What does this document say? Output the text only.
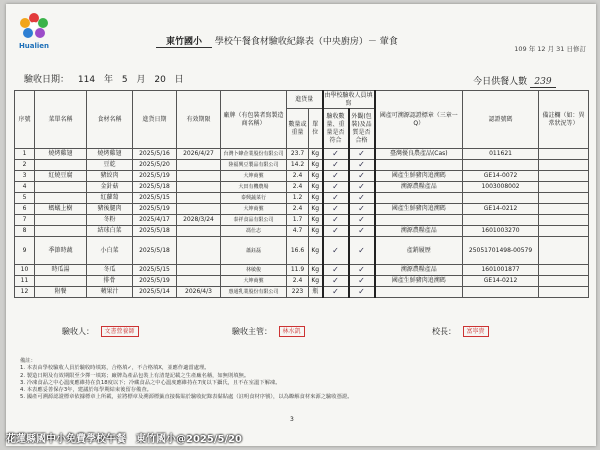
Hualien	109 年 12 月 31 日修訂
東竹國小 學校午餐食材驗收紀錄表（中央廚房）－ 葷食
驗收日期： 114 年 5 月 20 日	今日供餐人數 239
序號	菜單名稱	食材名稱	進貨日期	有效期限	廠牌（有包裝者寫製造商名稱）	進貨量		由學校驗收人員填寫		國產可溯源認證標章（三章一Q）	認證號碼	備註欄（如：異常狀況等）
						數量或重量	單位	驗收數量、重量是否符合	外觀(包裝)及品質是否合格			
1	燒烤雞翅	燒烤雞翅	2025/5/16	2026/4/27	台灣卜蜂企業股份有限公司	23.7	Kg	✓	✓	臺灣優良農產品(Cas)	011621	
2		豆乾	2025/5/20		陸福興豆製品有限公司	14.2	Kg	✓	✓			
3	紅燒豆腐	豬絞肉	2025/5/19		大坤商號	2.4	Kg	✓	✓	國產生鮮豬肉追溯碼	GE14-0072	
4		金針菇	2025/5/18		大田有機農場	2.4	Kg	✓	✓	溯源農糧產品	1003008002	
5		紅蘿蔔	2025/5/15		泰興蔬菜行	1.2	Kg	✓	✓			
6	螞蟻上樹	豬後腿肉	2025/5/19		大坤商號	2.4	Kg	✓	✓	國產生鮮豬肉追溯碼	GE14-0212	
7		冬粉	2025/4/17	2028/3/24	泰祥食品有限公司	1.7	Kg	✓	✓			
8		結球白菜	2025/5/18		馮仕志	4.7	Kg	✓	✓	溯源農糧產品	1601003270	
9	季節時蔬	小白菜	2025/5/18		蕭鈺磊	16.6	Kg	✓	✓	產銷履歷	25051701498-00579	
10	時瓜湯	冬瓜	2025/5/15		林敏俊	11.9	Kg	✓	✓	溯源農糧產品	1601001877	
11		排骨	2025/5/19		大坤商號	2.4	Kg	✓	✓	國產生鮮豬肉追溯碼	GE14-0212	
12	附餐	蘋果汁	2025/5/14	2026/4/3	惠通乳業股份有限公司	223	瓶	✓	✓			
驗收人： 文書營養師	驗收主管： 林水凱	校長： 富寧貴
備註：
1. 本表由學校驗收人員於驗收時填寫，合格填✓，不合格填X，並應作適當處理。
2. 製造日期及有效期限至少擇一填寫；廠牌為產品包裝上有清楚記載之生產廠名稱，如無則填無。
3. 冷凍食品之中心溫度應維持在負18度以下；冷藏食品之中心溫度應維持在7度以下攝氏，且不在室溫下解凍。
4. 本表應妥善保存3年，建議於每學期結束後留存備查。
5. 國產可溯源認證標章依據標章上所載，並將標章及溯源標籤直接黏貼於驗收紀錄表黏貼處（註明食材序號），以為瞭解食材來源之驗收憑證。
3
花蓮縣國中小免費學校午餐　東竹國小@2025/5/20
